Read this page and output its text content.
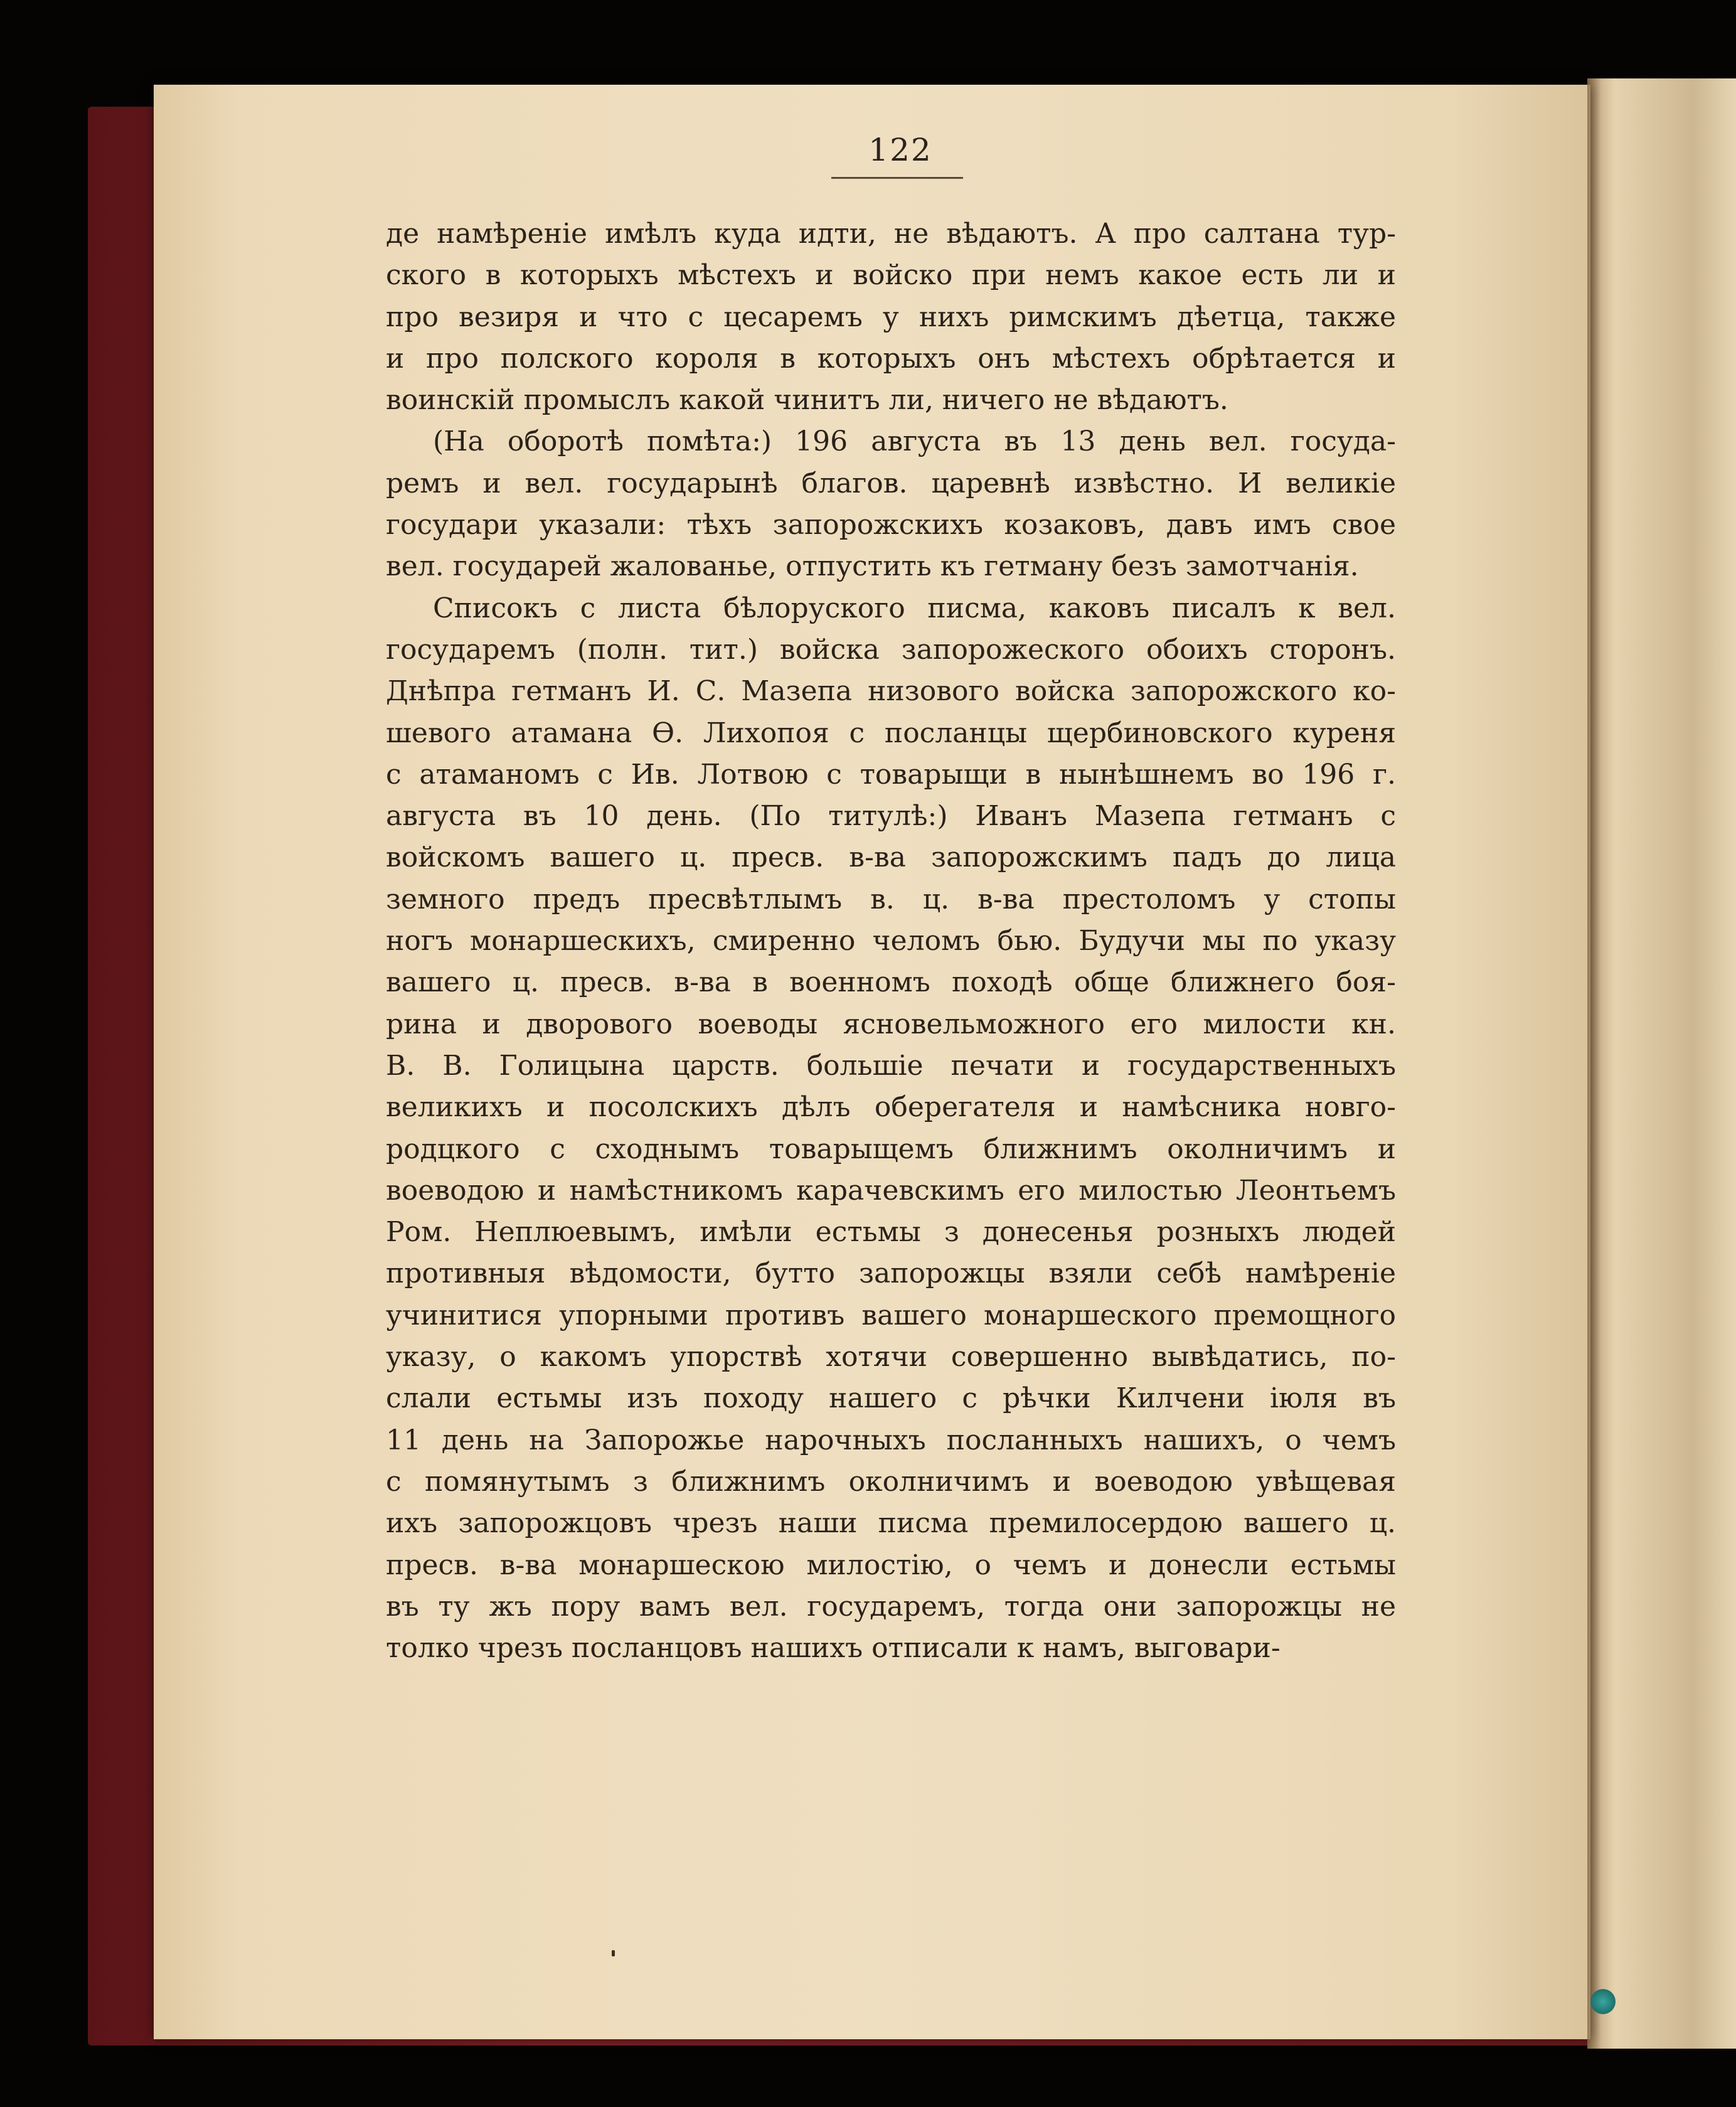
122
де намѣреніе имѣлъ куда идти, не вѣдаютъ. А про салтана тур-
ского в которыхъ мѣстехъ и войско при немъ какое есть ли и
про везиря и что с цесаремъ у нихъ римскимъ дѣетца, также
и про полского короля в которыхъ онъ мѣстехъ обрѣтается и
воинскій промыслъ какой чинитъ ли, ничего не вѣдаютъ.
(На оборотѣ помѣта:) 196 августа въ 13 день вел. госуда-
ремъ и вел. государынѣ благов. царевнѣ извѣстно. И великіе
государи указали: тѣхъ запорожскихъ козаковъ, давъ имъ свое
вел. государей жалованье, отпустить къ гетману безъ замотчанія.
Списокъ с листа бѣлоруского писма, каковъ писалъ к вел.
государемъ (полн. тит.) войска запорожеского обоихъ сторонъ.
Днѣпра гетманъ И. С. Мазепа низового войска запорожского ко-
шевого атамана Ѳ. Лихопоя с посланцы щербиновского куреня
с атаманомъ с Ив. Лотвою с товарыщи в нынѣшнемъ во 196 г.
августа въ 10 день. (По титулѣ:) Иванъ Мазепа гетманъ с
войскомъ вашего ц. пресв. в-ва запорожскимъ падъ до лица
земного предъ пресвѣтлымъ в. ц. в-ва престоломъ у стопы
ногъ монаршескихъ, смиренно челомъ бью. Будучи мы по указу
вашего ц. пресв. в-ва в военномъ походѣ обще ближнего боя-
рина и дворового воеводы ясновельможного его милости кн.
В. В. Голицына царств. большіе печати и государственныхъ
великихъ и посолскихъ дѣлъ оберегателя и намѣсника новго-
родцкого с сходнымъ товарыщемъ ближнимъ околничимъ и
воеводою и намѣстникомъ карачевскимъ его милостью Леонтьемъ
Ром. Неплюевымъ, имѣли естьмы з донесенья розныхъ людей
противныя вѣдомости, бутто запорожцы взяли себѣ намѣреніе
учинитися упорными противъ вашего монаршеского премощного
указу, о какомъ упорствѣ хотячи совершенно вывѣдатись, по-
слали естьмы изъ походу нашего с рѣчки Килчени іюля въ
11 день на Запорожье нарочныхъ посланныхъ нашихъ, о чемъ
с помянутымъ з ближнимъ околничимъ и воеводою увѣщевая
ихъ запорожцовъ чрезъ наши писма премилосердою вашего ц.
пресв. в-ва монаршескою милостію, о чемъ и донесли естьмы
въ ту жъ пору вамъ вел. государемъ, тогда они запорожцы не
толко чрезъ посланцовъ нашихъ отписали к намъ, выговари-
